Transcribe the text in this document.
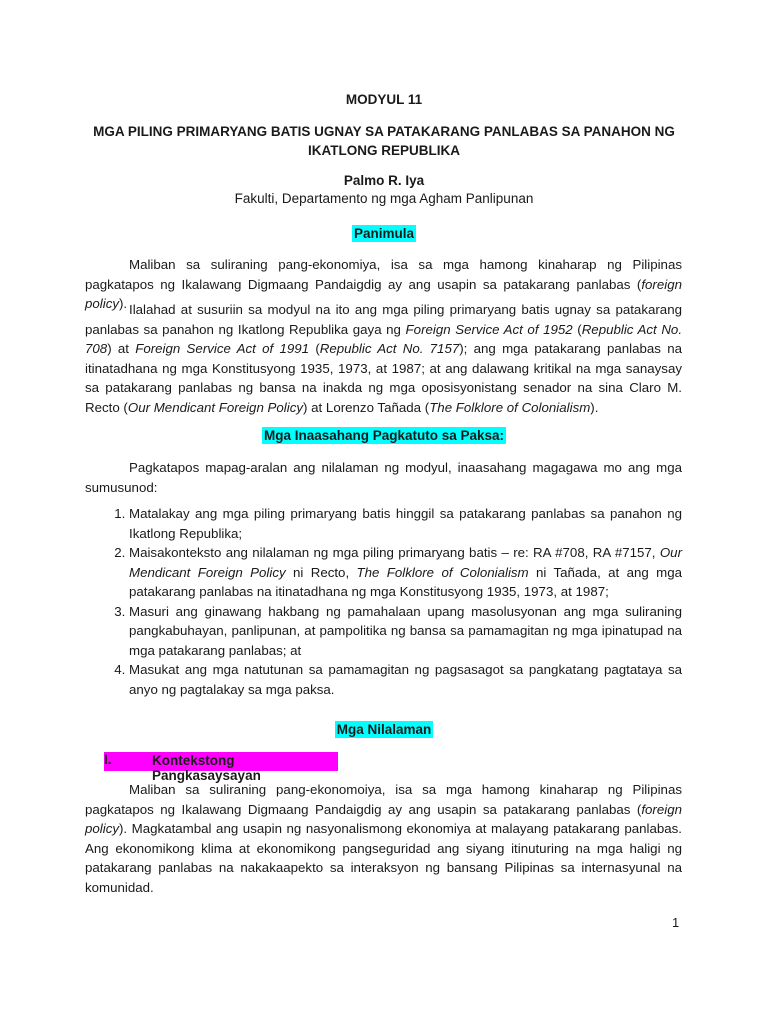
MODYUL 11
MGA PILING PRIMARYANG BATIS UGNAY SA PATAKARANG PANLABAS SA PANAHON NG
IKATLONG REPUBLIKA
Palmo R. Iya
Fakulti, Departamento ng mga Agham Panlipunan
Panimula
Maliban sa suliraning pang-ekonomiya, isa sa mga hamong kinaharap ng Pilipinas pagkatapos ng Ikalawang Digmaang Pandaigdig ay ang usapin sa patakarang panlabas (foreign policy). Ilalahad at susuriin sa modyul na ito ang mga piling primaryang batis ugnay sa patakarang panlabas sa panahon ng Ikatlong Republika gaya ng Foreign Service Act of 1952 (Republic Act No. 708) at Foreign Service Act of 1991 (Republic Act No. 7157); ang mga patakarang panlabas na itinatadhana ng mga Konstitusyong 1935, 1973, at 1987; at ang dalawang kritikal na mga sanaysay sa patakarang panlabas ng bansa na inakda ng mga oposisyonistang senador na sina Claro M. Recto (Our Mendicant Foreign Policy) at Lorenzo Tañada (The Folklore of Colonialism).
Mga Inaasahang Pagkatuto sa Paksa:
Pagkatapos mapag-aralan ang nilalaman ng modyul, inaasahang magagawa mo ang mga sumusunod:
1. Matalakay ang mga piling primaryang batis hinggil sa patakarang panlabas sa panahon ng Ikatlong Republika;
2. Maisakonteksto ang nilalaman ng mga piling primaryang batis – re: RA #708, RA #7157, Our Mendicant Foreign Policy ni Recto, The Folklore of Colonialism ni Tañada, at ang mga patakarang panlabas na itinatadhana ng mga Konstitusyong 1935, 1973, at 1987;
3. Masuri ang ginawang hakbang ng pamahalaan upang masolusyonan ang mga suliraning pangkabuhayan, panlipunan, at pampolitika ng bansa sa pamamagitan ng mga ipinatupad na mga patakarang panlabas; at
4. Masukat ang mga natutunan sa pamamagitan ng pagsasagot sa pangkatang pagtataya sa anyo ng pagtalakay sa mga paksa.
Mga Nilalaman
I.	Kontekstong Pangkasaysayan
Maliban sa suliraning pang-ekonomoiya, isa sa mga hamong kinaharap ng Pilipinas pagkatapos ng Ikalawang Digmaang Pandaigdig ay ang usapin sa patakarang panlabas (foreign policy). Magkatambal ang usapin ng nasyonalismong ekonomiya at malayang patakarang panlabas. Ang ekonomikong klima at ekonomikong pangseguridad ang siyang itinuturing na mga haligi ng patakarang panlabas na nakakaapekto sa interaksyon ng bansang Pilipinas sa internasyunal na komunidad.
1
